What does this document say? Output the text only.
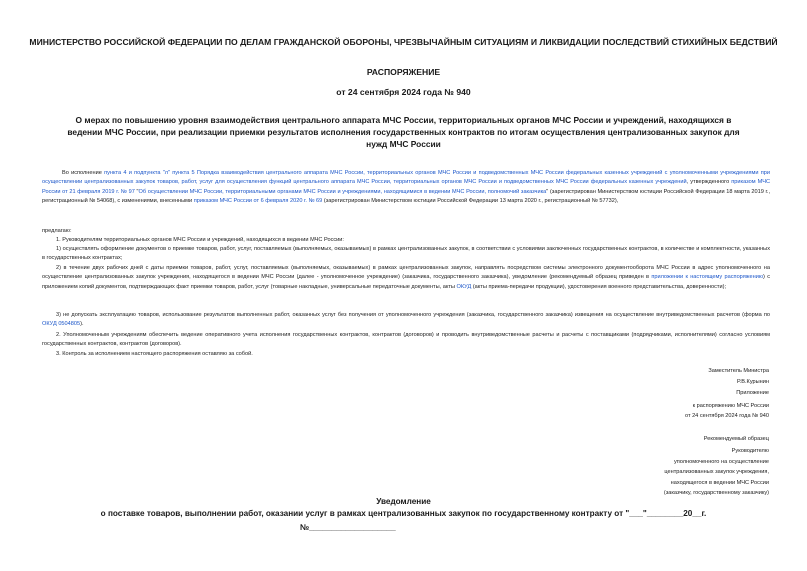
МИНИСТЕРСТВО РОССИЙСКОЙ ФЕДЕРАЦИИ ПО ДЕЛАМ ГРАЖДАНСКОЙ ОБОРОНЫ, ЧРЕЗВЫЧАЙНЫМ СИТУАЦИЯМ И ЛИКВИДАЦИИ ПОСЛЕДСТВИЙ СТИХИЙНЫХ БЕДСТВИЙ
РАСПОРЯЖЕНИЕ
от 24 сентября 2024 года № 940
О мерах по повышению уровня взаимодействия центрального аппарата МЧС России, территориальных органов МЧС России и учреждений, находящихся в ведении МЧС России, при реализации приемки результатов исполнения государственных контрактов по итогам осуществления централизованных закупок для нужд МЧС России
Во исполнение пункта 4 и подпункта "л" пункта 5 Порядка взаимодействия центрального аппарата МЧС России, территориальных органов МЧС России и подведомственных МЧС России федеральных казенных учреждений с уполномоченными учреждениями при осуществлении централизованных закупок товаров, работ, услуг для осуществления функций центрального аппарата МЧС России, территориальных органов МЧС России и подведомственных МЧС России федеральных казенных учреждений, утвержденного приказом МЧС России от 21 февраля 2019 г. № 97 "Об осуществлении МЧС России, территориальными органами МЧС России и учреждениями, находящимися в ведении МЧС России, полномочий заказчика" (зарегистрирован Министерством юстиции Российской Федерации 18 марта 2019 г., регистрационный № 54068), с изменениями, внесенными приказом МЧС России от 6 февраля 2020 г. № 69 (зарегистрирован Министерством юстиции Российской Федерации 13 марта 2020 г., регистрационный № 57732),
предлагаю:
1. Руководителям территориальных органов МЧС России и учреждений, находящихся в ведении МЧС России:
1) осуществлять оформление документов о приемке товаров, работ, услуг, поставляемых (выполняемых, оказываемых) в рамках централизованных закупок, в соответствии с условиями заключенных государственных контрактов, в количестве и комплектности, указанных в государственных контрактах;
2) в течение двух рабочих дней с даты приемки товаров, работ, услуг, поставляемых (выполняемых, оказываемых) в рамках централизованных закупок, направлять посредством системы электронного документооборота МЧС России в адрес уполномоченного на осуществление централизованных закупок учреждения, находящегося в ведении МЧС России (далее - уполномоченное учреждение) (заказчика, государственного заказчика), уведомление (рекомендуемый образец приведен в приложении к настоящему распоряжению) с приложением копий документов, подтверждающих факт приемки товаров, работ, услуг (товарные накладные, универсальные передаточные документы, акты ОКУД (акты приема-передачи продукции), удостоверения военного представительства, доверенности);
3) не допускать эксплуатацию товаров, использование результатов выполненных работ, оказанных услуг без получения от уполномоченного учреждения (заказчика, государственного заказчика) извещения на осуществление внутриведомственных расчетов (форма по ОКУД 0504805).
2. Уполномоченным учреждениям обеспечить ведение оперативного учета исполнения государственных контрактов, контрактов (договоров) и проводить внутриведомственные расчеты и расчеты с поставщиками (подрядчиками, исполнителями) согласно условиям государственных контрактов, контрактов (договоров).
3. Контроль за исполнением настоящего распоряжения оставляю за собой.
Заместитель Министра
Р.В.Курынин
Приложение
к распоряжению МЧС России
от 24 сентября 2024 года № 940
Рекомендуемый образец
Руководителю
уполномоченного на осуществление
централизованных закупок учреждения,
находящегося в ведении МЧС России
(заказчику, государственному заказчику)
Уведомление
о поставке товаров, выполнении работ, оказании услуг в рамках централизованных закупок по государственному контракту от "___"________20__г.
№___________________
